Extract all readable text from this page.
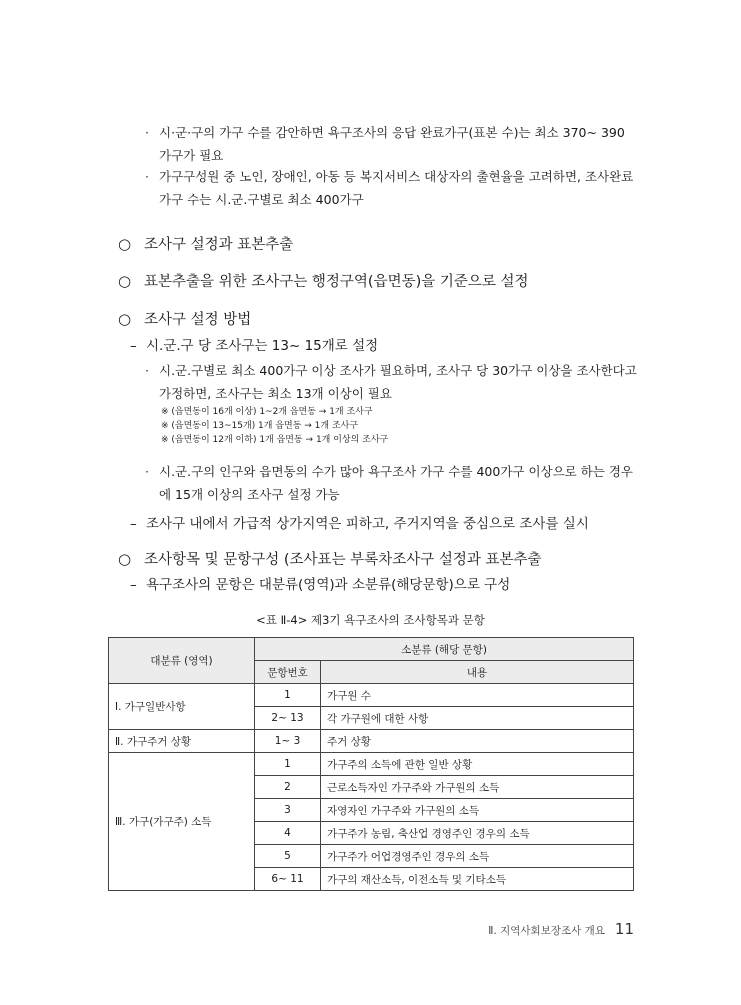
· 시·군·구의 가구 수를 감안하면 욕구조사의 응답 완료가구(표본 수)는 최소 370~ 390
가구가 필요
· 가구구성원 중 노인, 장애인, 아동 등 복지서비스 대상자의 출현율을 고려하면, 조사완료
가구 수는 시.군.구별로 최소 400가구
○ 조사구 설정과 표본추출
○ 표본추출을 위한 조사구는 행정구역(읍면동)을 기준으로 설정
○ 조사구 설정 방법
– 시.군.구 당 조사구는 13~ 15개로 설정
· 시.군.구별로 최소 400가구 이상 조사가 필요하며, 조사구 당 30가구 이상을 조사한다고
가정하면, 조사구는 최소 13개 이상이 필요
※ (읍면동이 16개 이상) 1~2개 읍면동 → 1개 조사구
※ (읍면동이 13~15개) 1개 읍면동 → 1개 조사구
※ (읍면동이 12개 이하) 1개 읍면동 → 1개 이상의 조사구
· 시.군.구의 인구와 읍면동의 수가 많아 욕구조사 가구 수를 400가구 이상으로 하는 경우
에 15개 이상의 조사구 설정 가능
– 조사구 내에서 가급적 상가지역은 피하고, 주거지역을 중심으로 조사를 실시
○ 조사항목 및 문항구성 (조사표는 부록차조사구 설정과 표본추출
– 욕구조사의 문항은 대분류(영역)과 소분류(해당문항)으로 구성
<표 Ⅱ-4> 제3기 욕구조사의 조사항목과 문항
대분류 (영역)	소분류 (해당 문항)	
	문항번호	내용
Ⅰ. 가구일반사항	1	가구원 수
	2~ 13	각 가구원에 대한 사항
Ⅱ. 가구주거 상황	1~ 3	주거 상황
Ⅲ. 가구(가구주) 소득	1	가구주의 소득에 관한 일반 상황
	2	근로소득자인 가구주와 가구원의 소득
	3	자영자인 가구주와 가구원의 소득
	4	가구주가 농림, 축산업 경영주인 경우의 소득
	5	가구주가 어업경영주인 경우의 소득
	6~ 11	가구의 재산소득, 이전소득 및 기타소득
Ⅱ. 지역사회보장조사 개요 11
